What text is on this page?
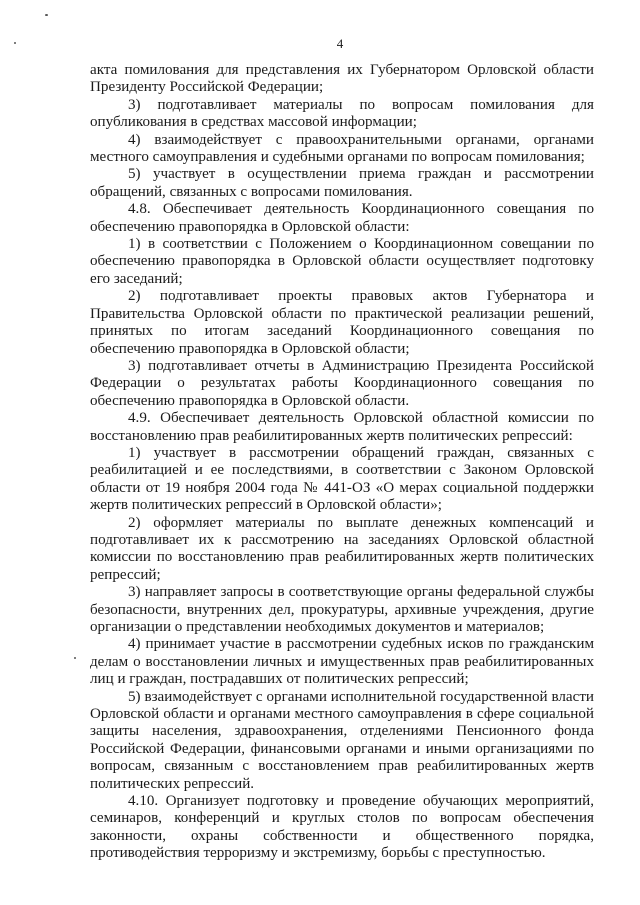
4

акта помилования для представления их Губернатором Орловской области Президенту Российской Федерации;

3) подготавливает материалы по вопросам помилования для опубликования в средствах массовой информации;

4) взаимодействует с правоохранительными органами, органами местного самоуправления и судебными органами по вопросам помилования;

5) участвует в осуществлении приема граждан и рассмотрении обращений, связанных с вопросами помилования.

4.8. Обеспечивает деятельность Координационного совещания по обеспечению правопорядка в Орловской области:

1) в соответствии с Положением о Координационном совещании по обеспечению правопорядка в Орловской области осуществляет подготовку его заседаний;

2) подготавливает проекты правовых актов Губернатора и Правительства Орловской области по практической реализации решений, принятых по итогам заседаний Координационного совещания по обеспечению правопорядка в Орловской области;

3) подготавливает отчеты в Администрацию Президента Российской Федерации о результатах работы Координационного совещания по обеспечению правопорядка в Орловской области.

4.9. Обеспечивает деятельность Орловской областной комиссии по восстановлению прав реабилитированных жертв политических репрессий:

1) участвует в рассмотрении обращений граждан, связанных с реабилитацией и ее последствиями, в соответствии с Законом Орловской области от 19 ноября 2004 года № 441-ОЗ «О мерах социальной поддержки жертв политических репрессий в Орловской области»;

2) оформляет материалы по выплате денежных компенсаций и подготавливает их к рассмотрению на заседаниях Орловской областной комиссии по восстановлению прав реабилитированных жертв политических репрессий;

3) направляет запросы в соответствующие органы федеральной службы безопасности, внутренних дел, прокуратуры, архивные учреждения, другие организации о представлении необходимых документов и материалов;

4) принимает участие в рассмотрении судебных исков по гражданским делам о восстановлении личных и имущественных прав реабилитированных лиц и граждан, пострадавших от политических репрессий;

5) взаимодействует с органами исполнительной государственной власти Орловской области и органами местного самоуправления в сфере социальной защиты населения, здравоохранения, отделениями Пенсионного фонда Российской Федерации, финансовыми органами и иными организациями по вопросам, связанным с восстановлением прав реабилитированных жертв политических репрессий.

4.10. Организует подготовку и проведение обучающих мероприятий, семинаров, конференций и круглых столов по вопросам обеспечения законности, охраны собственности и общественного порядка, противодействия терроризму и экстремизму, борьбы с преступностью.
